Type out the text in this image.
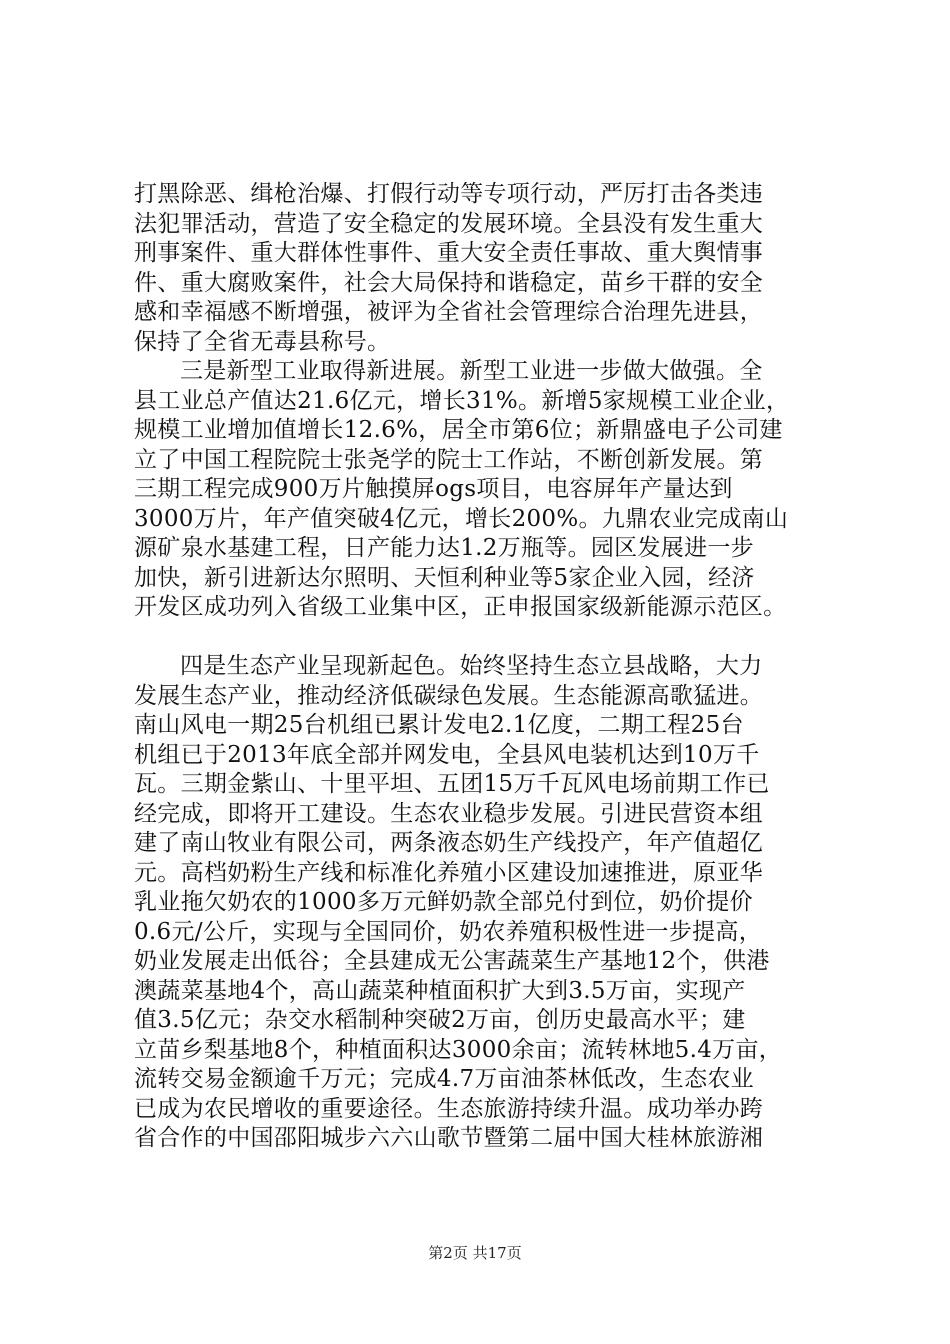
打黑除恶、缉枪治爆、打假行动等专项行动，严厉打击各类违
法犯罪活动，营造了安全稳定的发展环境。全县没有发生重大
刑事案件、重大群体性事件、重大安全责任事故、重大舆情事
件、重大腐败案件，社会大局保持和谐稳定，苗乡干群的安全
感和幸福感不断增强，被评为全省社会管理综合治理先进县，
保持了全省无毒县称号。
三是新型工业取得新进展。新型工业进一步做大做强。全
县工业总产值达21.6亿元，增长31%。新增5家规模工业企业，
规模工业增加值增长12.6%，居全市第6位；新鼎盛电子公司建
立了中国工程院院士张尧学的院士工作站，不断创新发展。第
三期工程完成900万片触摸屏ogs项目，电容屏年产量达到
3000万片，年产值突破4亿元，增长200%。九鼎农业完成南山
源矿泉水基建工程，日产能力达1.2万瓶等。园区发展进一步
加快，新引进新达尔照明、天恒利种业等5家企业入园，经济
开发区成功列入省级工业集中区，正申报国家级新能源示范区。
四是生态产业呈现新起色。始终坚持生态立县战略，大力
发展生态产业，推动经济低碳绿色发展。生态能源高歌猛进。
南山风电一期25台机组已累计发电2.1亿度，二期工程25台
机组已于2013年底全部并网发电，全县风电装机达到10万千
瓦。三期金紫山、十里平坦、五团15万千瓦风电场前期工作已
经完成，即将开工建设。生态农业稳步发展。引进民营资本组
建了南山牧业有限公司，两条液态奶生产线投产，年产值超亿
元。高档奶粉生产线和标准化养殖小区建设加速推进，原亚华
乳业拖欠奶农的1000多万元鲜奶款全部兑付到位，奶价提价
0.6元/公斤，实现与全国同价，奶农养殖积极性进一步提高，
奶业发展走出低谷；全县建成无公害蔬菜生产基地12个，供港
澳蔬菜基地4个，高山蔬菜种植面积扩大到3.5万亩，实现产
值3.5亿元；杂交水稻制种突破2万亩，创历史最高水平；建
立苗乡梨基地8个，种植面积达3000余亩；流转林地5.4万亩，
流转交易金额逾千万元；完成4.7万亩油茶林低改，生态农业
已成为农民增收的重要途径。生态旅游持续升温。成功举办跨
省合作的中国邵阳城步六六山歌节暨第二届中国大桂林旅游湘
第2页 共17页
